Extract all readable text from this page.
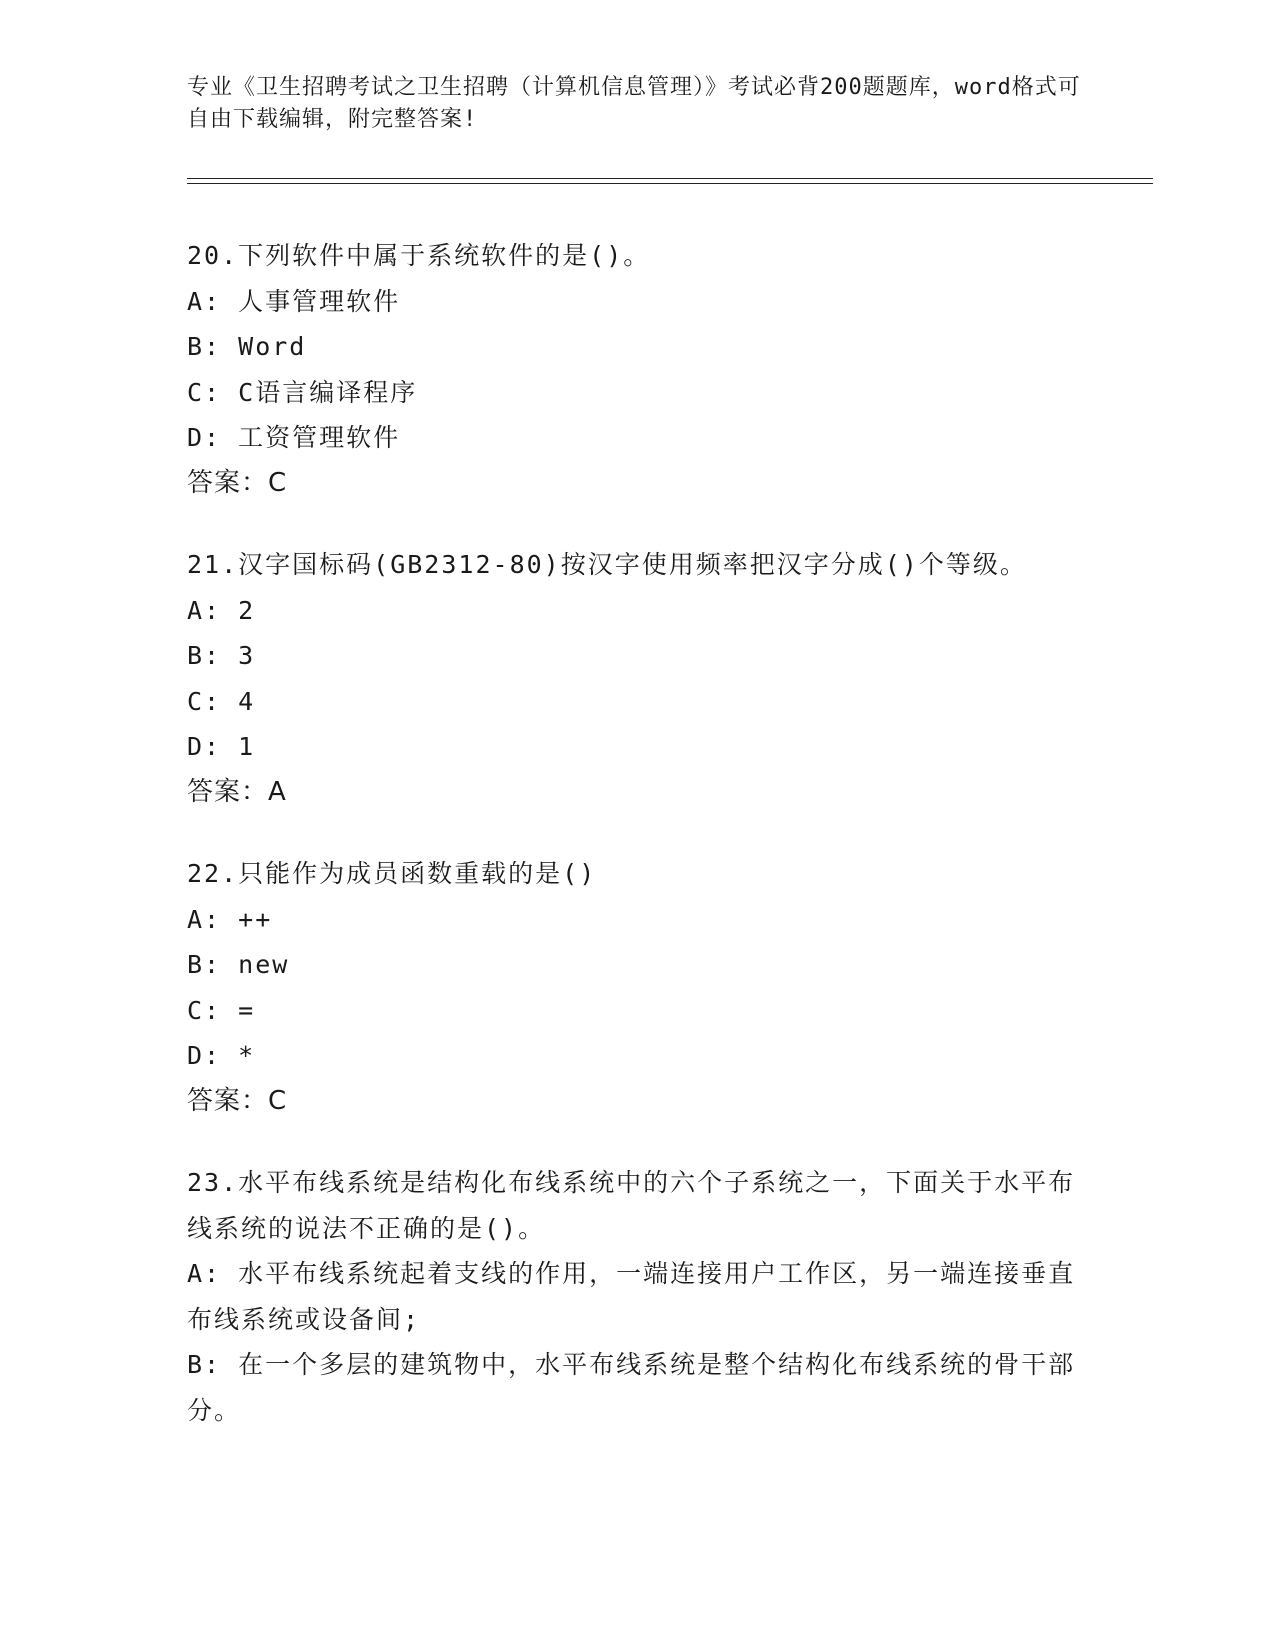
专业《卫生招聘考试之卫生招聘（计算机信息管理）》考试必背200题题库，word格式可自由下载编辑，附完整答案!
20.下列软件中属于系统软件的是()。
A: 人事管理软件
B: Word
C: C语言编译程序
D: 工资管理软件
答案：C
21.汉字国标码(GB2312-80)按汉字使用频率把汉字分成()个等级。
A: 2
B: 3
C: 4
D: 1
答案：A
22.只能作为成员函数重载的是()
A: ++
B: new
C: =
D: *
答案：C
23.水平布线系统是结构化布线系统中的六个子系统之一，下面关于水平布线系统的说法不正确的是()。
A: 水平布线系统起着支线的作用，一端连接用户工作区，另一端连接垂直布线系统或设备间;
B: 在一个多层的建筑物中，水平布线系统是整个结构化布线系统的骨干部分。
